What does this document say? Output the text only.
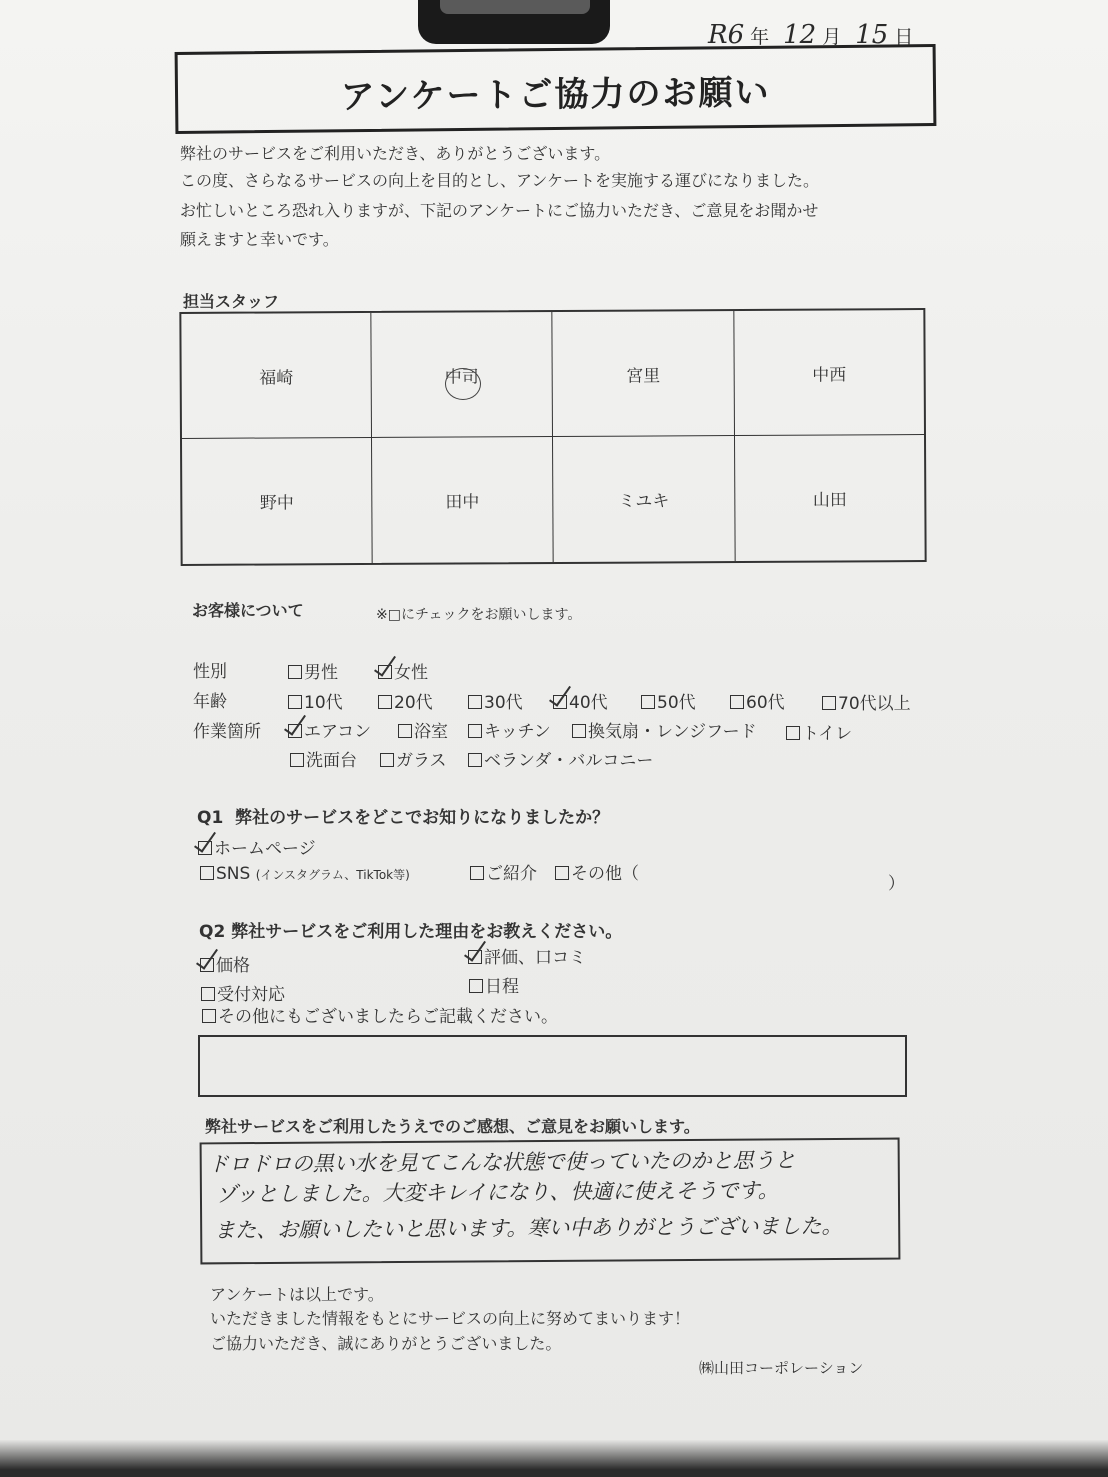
R6 年 12 月 15 日
アンケートご協力のお願い
弊社のサービスをご利用いただき、ありがとうございます。
この度、さらなるサービスの向上を目的とし、アンケートを実施する運びになりました。
お忙しいところ恐れ入りますが、下記のアンケートにご協力いただき、ご意見をお聞かせ
願えますと幸いです。
担当スタッフ
福崎	中司	宮里	中西
野中	田中	ミユキ	山田
お客様について	※□にチェックをお願いします。
性別	男性	女性
年齢	10代	20代	30代	40代	50代	60代	70代以上
作業箇所	エアコン	浴室	キッチン	換気扇・レンジフード	トイレ
洗面台	ガラス	ベランダ・バルコニー
Q1 弊社のサービスをどこでお知りになりましたか？
ホームページ
SNS (インスタグラム、TikTok等)	ご紹介	その他（	）
Q2 弊社サービスをご利用した理由をお教えください。
価格	評価、口コミ
受付対応	日程
その他にもございましたらご記載ください。
弊社サービスをご利用したうえでのご感想、ご意見をお願いします。
ドロドロの黒い水を見てこんな状態で使っていたのかと思うと
ゾッとしました。大変キレイになり、快適に使えそうです。
また、お願いしたいと思います。寒い中ありがとうございました。
アンケートは以上です。
いただきました情報をもとにサービスの向上に努めてまいります！
ご協力いただき、誠にありがとうございました。
㈱山田コーポレーション
